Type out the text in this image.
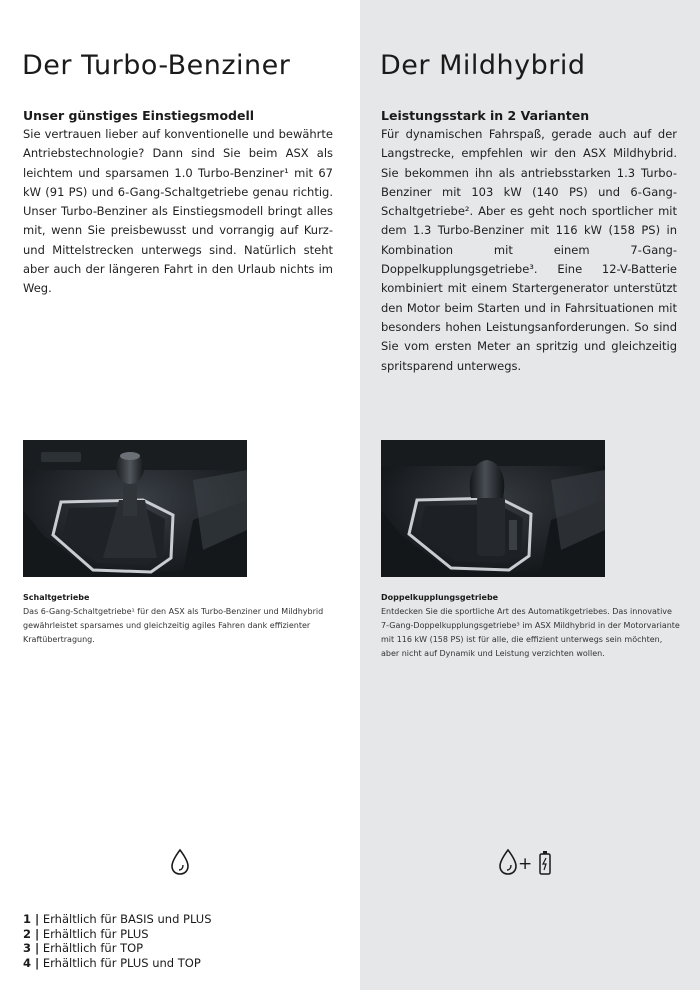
Der Turbo-Benziner
Unser günstiges Einstiegsmodell

Sie vertrauen lieber auf konventionelle und bewährte Antriebstechnologie? Dann sind Sie beim ASX als leichtem und sparsamen 1.0 Turbo-Benziner¹ mit 67 kW (91 PS) und 6-Gang-Schaltgetriebe genau richtig. Unser Turbo-Benziner als Einstiegsmodell bringt alles mit, wenn Sie preisbewusst und vorrangig auf Kurz- und Mittelstrecken unterwegs sind. Natürlich steht aber auch der längeren Fahrt in den Urlaub nichts im Weg.

Schaltgetriebe

Das 6-Gang-Schaltgetriebe¹ für den ASX als Turbo-Benziner und Mildhybrid gewährleistet sparsames und gleichzeitig agiles Fahren dank effizienter Kraftübertragung.

1 | Erhältlich für BASIS und PLUS
2 | Erhältlich für PLUS
3 | Erhältlich für TOP
4 | Erhältlich für PLUS und TOP
Der Mildhybrid
Leistungsstark in 2 Varianten

Für dynamischen Fahrspaß, gerade auch auf der Langstrecke, empfehlen wir den ASX Mildhybrid. Sie bekommen ihn als antriebsstarken 1.3 Turbo-Benziner mit 103 kW (140 PS) und 6-Gang-Schaltgetriebe². Aber es geht noch sportlicher mit dem 1.3 Turbo-Benziner mit 116 kW (158 PS) in Kombination mit einem 7-Gang-Doppelkupplungsgetriebe³. Eine 12-V-Batterie kombiniert mit einem Startergenerator unterstützt den Motor beim Starten und in Fahrsituationen mit besonders hohen Leistungsanforderungen. So sind Sie vom ersten Meter an spritzig und gleichzeitig spritsparend unterwegs.

Doppelkupplungsgetriebe

Entdecken Sie die sportliche Art des Automatikgetriebes. Das innovative 7-Gang-Doppelkupplungsgetriebe³ im ASX Mildhybrid in der Motorvariante mit 116 kW (158 PS) ist für alle, die effizient unterwegs sein möchten, aber nicht auf Dynamik und Leistung verzichten wollen.

+
